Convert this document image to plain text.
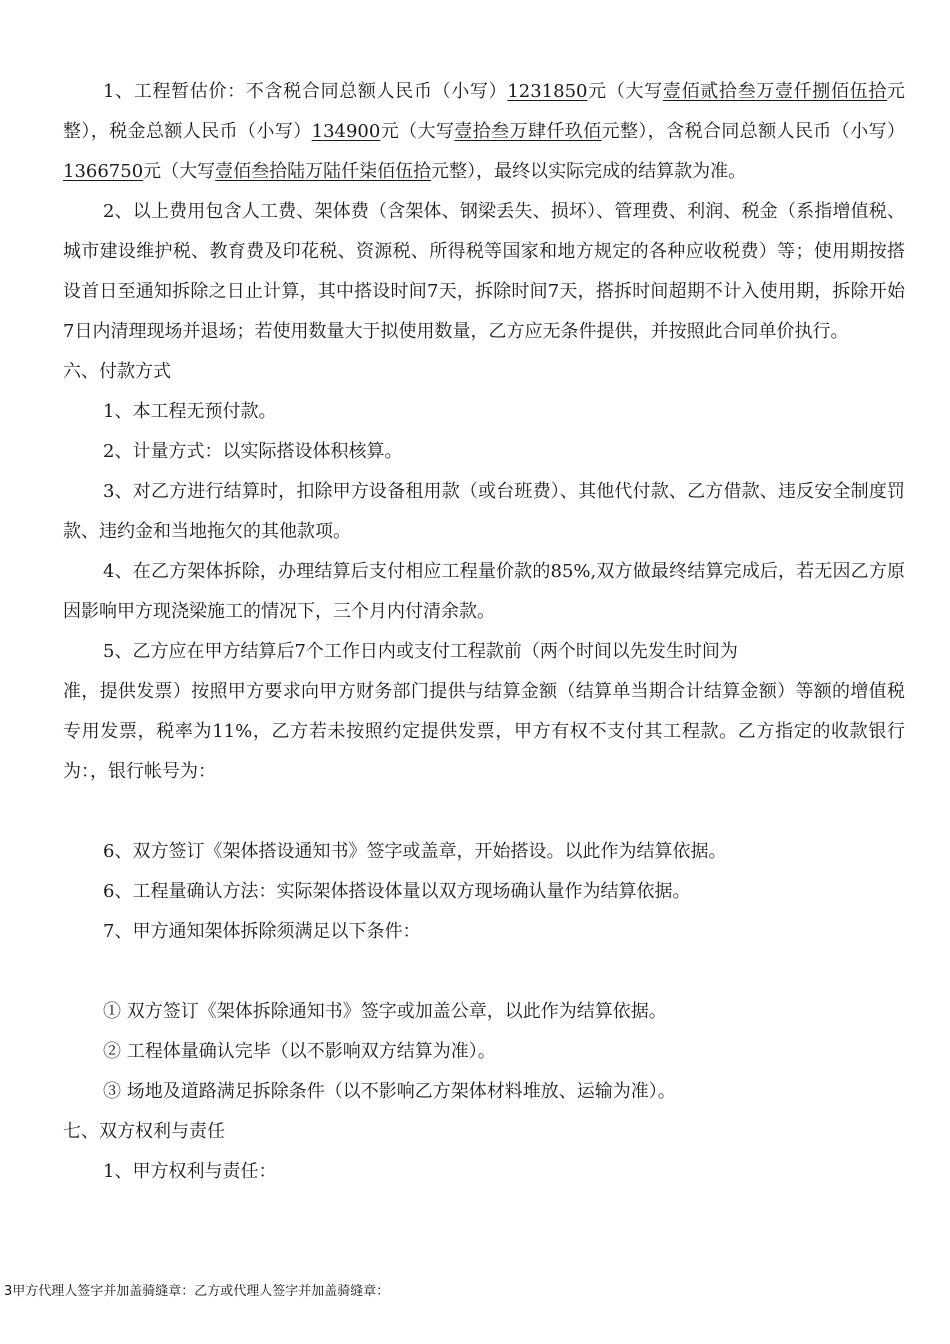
1、工程暂估价：不含税合同总额人民币（小写）1231850元（大写壹佰贰拾叁万壹仟捌佰伍拾元整），税金总额人民币（小写）134900元（大写壹拾叁万肆仟玖佰元整），含税合同总额人民币（小写）1366750元（大写壹佰叁拾陆万陆仟柒佰伍拾元整），最终以实际完成的结算款为准。

2、以上费用包含人工费、架体费（含架体、钢梁丢失、损坏）、管理费、利润、税金（系指增值税、城市建设维护税、教育费及印花税、资源税、所得税等国家和地方规定的各种应收税费）等；使用期按搭设首日至通知拆除之日止计算，其中搭设时间7天，拆除时间7天，搭拆时间超期不计入使用期，拆除开始7日内清理现场并退场；若使用数量大于拟使用数量，乙方应无条件提供，并按照此合同单价执行。

六、付款方式

1、本工程无预付款。

2、计量方式：以实际搭设体积核算。

3、对乙方进行结算时，扣除甲方设备租用款（或台班费）、其他代付款、乙方借款、违反安全制度罚款、违约金和当地拖欠的其他款项。

4、在乙方架体拆除，办理结算后支付相应工程量价款的85%,双方做最终结算完成后，若无因乙方原因影响甲方现浇梁施工的情况下，三个月内付清余款。

5、乙方应在甲方结算后7个工作日内或支付工程款前（两个时间以先发生时间为

准，提供发票）按照甲方要求向甲方财务部门提供与结算金额（结算单当期合计结算金额）等额的增值税专用发票，税率为11%，乙方若未按照约定提供发票，甲方有权不支付其工程款。乙方指定的收款银行为：，银行帐号为：

6、双方签订《架体搭设通知书》签字或盖章，开始搭设。以此作为结算依据。

6、工程量确认方法：实际架体搭设体量以双方现场确认量作为结算依据。

7、甲方通知架体拆除须满足以下条件：

① 双方签订《架体拆除通知书》签字或加盖公章，以此作为结算依据。

② 工程体量确认完毕（以不影响双方结算为准）。

③ 场地及道路满足拆除条件（以不影响乙方架体材料堆放、运输为准）。

七、双方权利与责任

1、甲方权利与责任：

3甲方代理人签字并加盖骑缝章：乙方或代理人签字并加盖骑缝章：
